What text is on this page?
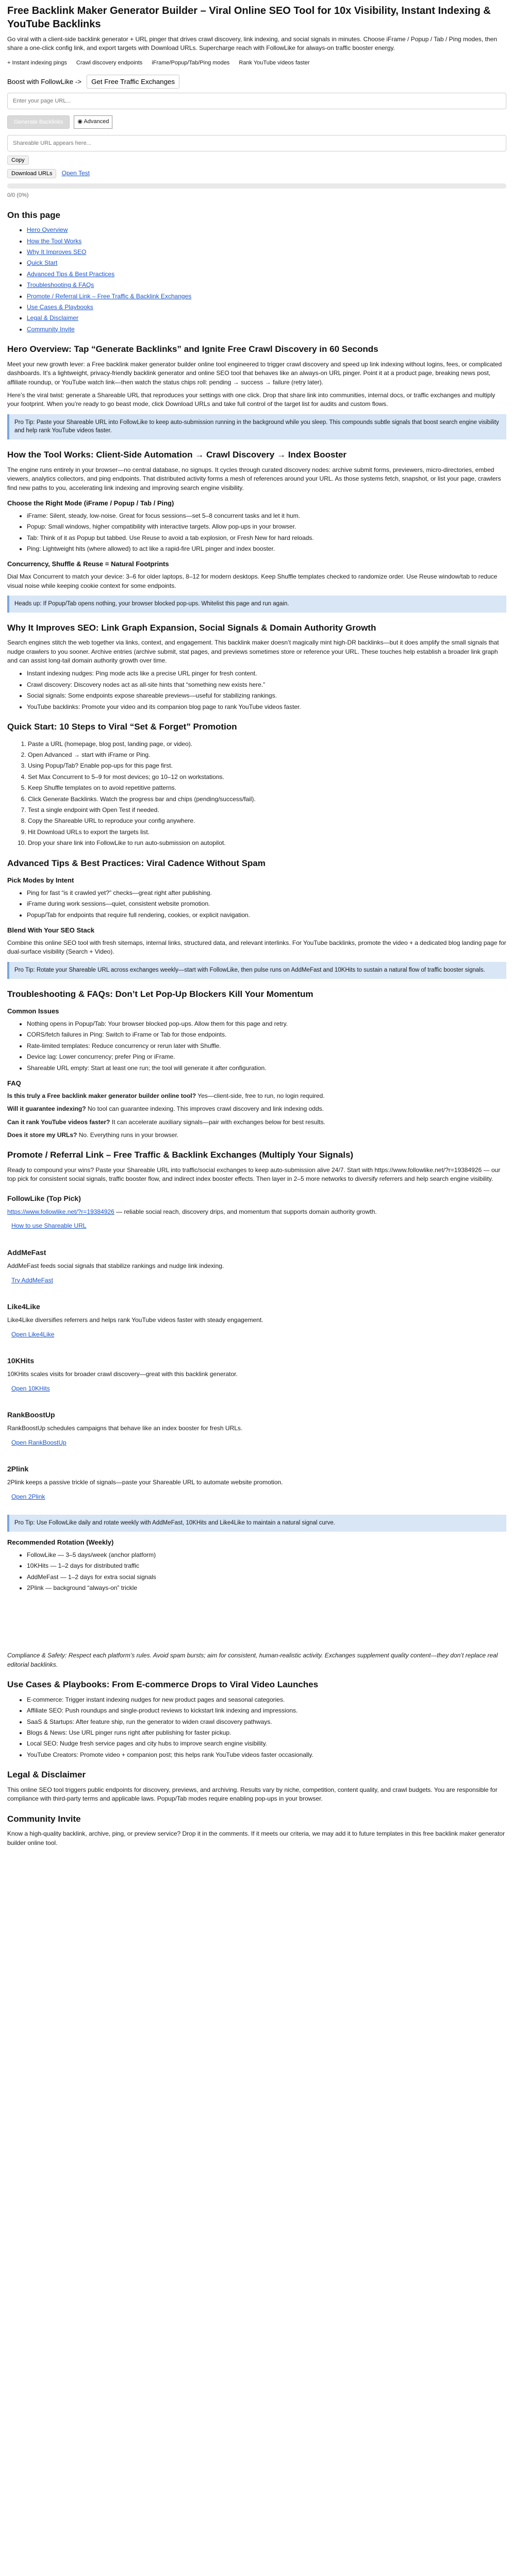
Free Backlink Maker Generator Builder – Viral Online SEO Tool for 10x Visibility, Instant Indexing & YouTube Backlinks

Go viral with a client-side backlink generator + URL pinger that drives crawl discovery, link indexing, and social signals in minutes. Choose iFrame / Popup / Tab / Ping modes, then share a one-click config link, and export targets with Download URLs. Supercharge reach with FollowLike for always-on traffic booster energy.

+ Instant indexing pings Crawl discovery endpoints iFrame/Popup/Tab/Ping modes Rank YouTube videos faster
Boost with FollowLike ->	Get Free Traffic Exchanges
Enter your page URL...
Generate Backlinks	◉ Advanced
Shareable URL appears here...
Copy
Download URLs	Open Test
0/0 (0%)
On this page
• Hero Overview
• How the Tool Works
• Why It Improves SEO
• Quick Start
• Advanced Tips & Best Practices
• Troubleshooting & FAQs
• Promote / Referral Link – Free Traffic & Backlink Exchanges
• Use Cases & Playbooks
• Legal & Disclaimer
• Community Invite
Hero Overview: Tap “Generate Backlinks” and Ignite Free Crawl Discovery in 60 Seconds

Meet your new growth lever: a Free backlink maker generator builder online tool engineered to trigger crawl discovery and speed up link indexing without logins, fees, or complicated dashboards. It’s a lightweight, privacy-friendly backlink generator and online SEO tool that behaves like an always-on URL pinger. Point it at a product page, breaking news post, affiliate roundup, or YouTube watch link—then watch the status chips roll: pending → success → failure (retry later).

Here’s the viral twist: generate a Shareable URL that reproduces your settings with one click. Drop that share link into communities, internal docs, or traffic exchanges and multiply your footprint. When you’re ready to go beast mode, click Download URLs and take full control of the target list for audits and custom flows.

Pro Tip: Paste your Shareable URL into FollowLike to keep auto-submission running in the background while you sleep. This compounds subtle signals that boost search engine visibility and help rank YouTube videos faster.
How the Tool Works: Client-Side Automation → Crawl Discovery → Index Booster

The engine runs entirely in your browser—no central database, no signups. It cycles through curated discovery nodes: archive submit forms, previewers, micro-directories, embed viewers, analytics collectors, and ping endpoints. That distributed activity forms a mesh of references around your URL. As those systems fetch, snapshot, or list your page, crawlers find new paths to you, accelerating link indexing and improving search engine visibility.

Choose the Right Mode (iFrame / Popup / Tab / Ping)
• iFrame: Silent, steady, low-noise. Great for focus sessions—set 5–8 concurrent tasks and let it hum.
• Popup: Small windows, higher compatibility with interactive targets. Allow pop-ups in your browser.
• Tab: Think of it as Popup but tabbed. Use Reuse to avoid a tab explosion, or Fresh New for hard reloads.
• Ping: Lightweight hits (where allowed) to act like a rapid-fire URL pinger and index booster.
Concurrency, Shuffle & Reuse = Natural Footprints

Dial Max Concurrent to match your device: 3–6 for older laptops, 8–12 for modern desktops. Keep Shuffle templates checked to randomize order. Use Reuse window/tab to reduce visual noise while keeping cookie context for some endpoints.

Heads up: If Popup/Tab opens nothing, your browser blocked pop-ups. Whitelist this page and run again.
Why It Improves SEO: Link Graph Expansion, Social Signals & Domain Authority Growth

Search engines stitch the web together via links, context, and engagement. This backlink maker doesn’t magically mint high-DR backlinks—but it does amplify the small signals that nudge crawlers to you sooner. Archive entries (archive submit, stat pages, and previews sometimes store or reference your URL. These touches help establish a broader link graph and can assist long-tail domain authority growth over time.

• Instant indexing nudges: Ping mode acts like a precise URL pinger for fresh content.
• Crawl discovery: Discovery nodes act as all-site hints that “something new exists here.”
• Social signals: Some endpoints expose shareable previews—useful for stabilizing rankings.
• YouTube backlinks: Promote your video and its companion blog page to rank YouTube videos faster.
Quick Start: 10 Steps to Viral “Set & Forget” Promotion
1. Paste a URL (homepage, blog post, landing page, or video).
2. Open Advanced → start with iFrame or Ping.
3. Using Popup/Tab? Enable pop-ups for this page first.
4. Set Max Concurrent to 5–9 for most devices; go 10–12 on workstations.
5. Keep Shuffle templates on to avoid repetitive patterns.
6. Click Generate Backlinks. Watch the progress bar and chips (pending/success/fail).
7. Test a single endpoint with Open Test if needed.
8. Copy the Shareable URL to reproduce your config anywhere.
9. Hit Download URLs to export the targets list.
10. Drop your share link into FollowLike to run auto-submission on autopilot.
Advanced Tips & Best Practices: Viral Cadence Without Spam
Pick Modes by Intent
• Ping for fast “is it crawled yet?” checks—great right after publishing.
• iFrame during work sessions—quiet, consistent website promotion.
• Popup/Tab for endpoints that require full rendering, cookies, or explicit navigation.
Blend With Your SEO Stack

Combine this online SEO tool with fresh sitemaps, internal links, structured data, and relevant interlinks. For YouTube backlinks, promote the video + a dedicated blog landing page for dual-surface visibility (Search + Video).

Pro Tip: Rotate your Shareable URL across exchanges weekly—start with FollowLike, then pulse runs on AddMeFast and 10KHits to sustain a natural flow of traffic booster signals.
Troubleshooting & FAQs: Don’t Let Pop-Up Blockers Kill Your Momentum
Common Issues
• Nothing opens in Popup/Tab: Your browser blocked pop-ups. Allow them for this page and retry.
• CORS/fetch failures in Ping: Switch to iFrame or Tab for those endpoints.
• Rate-limited templates: Reduce concurrency or rerun later with Shuffle.
• Device lag: Lower concurrency; prefer Ping or iFrame.
• Shareable URL empty: Start at least one run; the tool will generate it after configuration.
FAQ

Is this truly a Free backlink maker generator builder online tool? Yes—client-side, free to run, no login required.

Will it guarantee indexing? No tool can guarantee indexing. This improves crawl discovery and link indexing odds.

Can it rank YouTube videos faster? It can accelerate auxiliary signals—pair with exchanges below for best results.

Does it store my URLs? No. Everything runs in your browser.

Promote / Referral Link – Free Traffic & Backlink Exchanges (Multiply Your Signals)

Ready to compound your wins? Paste your Shareable URL into traffic/social exchanges to keep auto-submission alive 24/7. Start with https://www.followlike.net/?r=19384926 — our top pick for consistent social signals, traffic booster flow, and indirect index booster effects. Then layer in 2–5 more networks to diversify referrers and help search engine visibility.

FollowLike (Top Pick)

https://www.followlike.net/?r=19384926 — reliable social reach, discovery drips, and momentum that supports domain authority growth.

How to use Shareable URL
AddMeFast

AddMeFast feeds social signals that stabilize rankings and nudge link indexing.

Try AddMeFast
Like4Like

Like4Like diversifies referrers and helps rank YouTube videos faster with steady engagement.

Open Like4Like
10KHits

10KHits scales visits for broader crawl discovery—great with this backlink generator.

Open 10KHits
RankBoostUp

RankBoostUp schedules campaigns that behave like an index booster for fresh URLs.

Open RankBoostUp
2Plink

2Plink keeps a passive trickle of signals—paste your Shareable URL to automate website promotion.

Open 2Plink
Pro Tip: Use FollowLike daily and rotate weekly with AddMeFast, 10KHits and Like4Like to maintain a natural signal curve.
Recommended Rotation (Weekly)
• FollowLike — 3–5 days/week (anchor platform)
• 10KHits — 1–2 days for distributed traffic
• AddMeFast — 1–2 days for extra social signals
• 2Plink — background “always-on” trickle

Compliance & Safety: Respect each platform’s rules. Avoid spam bursts; aim for consistent, human-realistic activity. Exchanges supplement quality content—they don’t replace real editorial backlinks.

Use Cases & Playbooks: From E-commerce Drops to Viral Video Launches
• E-commerce: Trigger instant indexing nudges for new product pages and seasonal categories.
• Affiliate SEO: Push roundups and single-product reviews to kickstart link indexing and impressions.
• SaaS & Startups: After feature ship, run the generator to widen crawl discovery pathways.
• Blogs & News: Use URL pinger runs right after publishing for faster pickup.
• Local SEO: Nudge fresh service pages and city hubs to improve search engine visibility.
• YouTube Creators: Promote video + companion post; this helps rank YouTube videos faster occasionally.
Legal & Disclaimer

This online SEO tool triggers public endpoints for discovery, previews, and archiving. Results vary by niche, competition, content quality, and crawl budgets. You are responsible for compliance with third-party terms and applicable laws. Popup/Tab modes require enabling pop-ups in your browser.

Community Invite

Know a high-quality backlink, archive, ping, or preview service? Drop it in the comments. If it meets our criteria, we may add it to future templates in this free backlink maker generator builder online tool.
